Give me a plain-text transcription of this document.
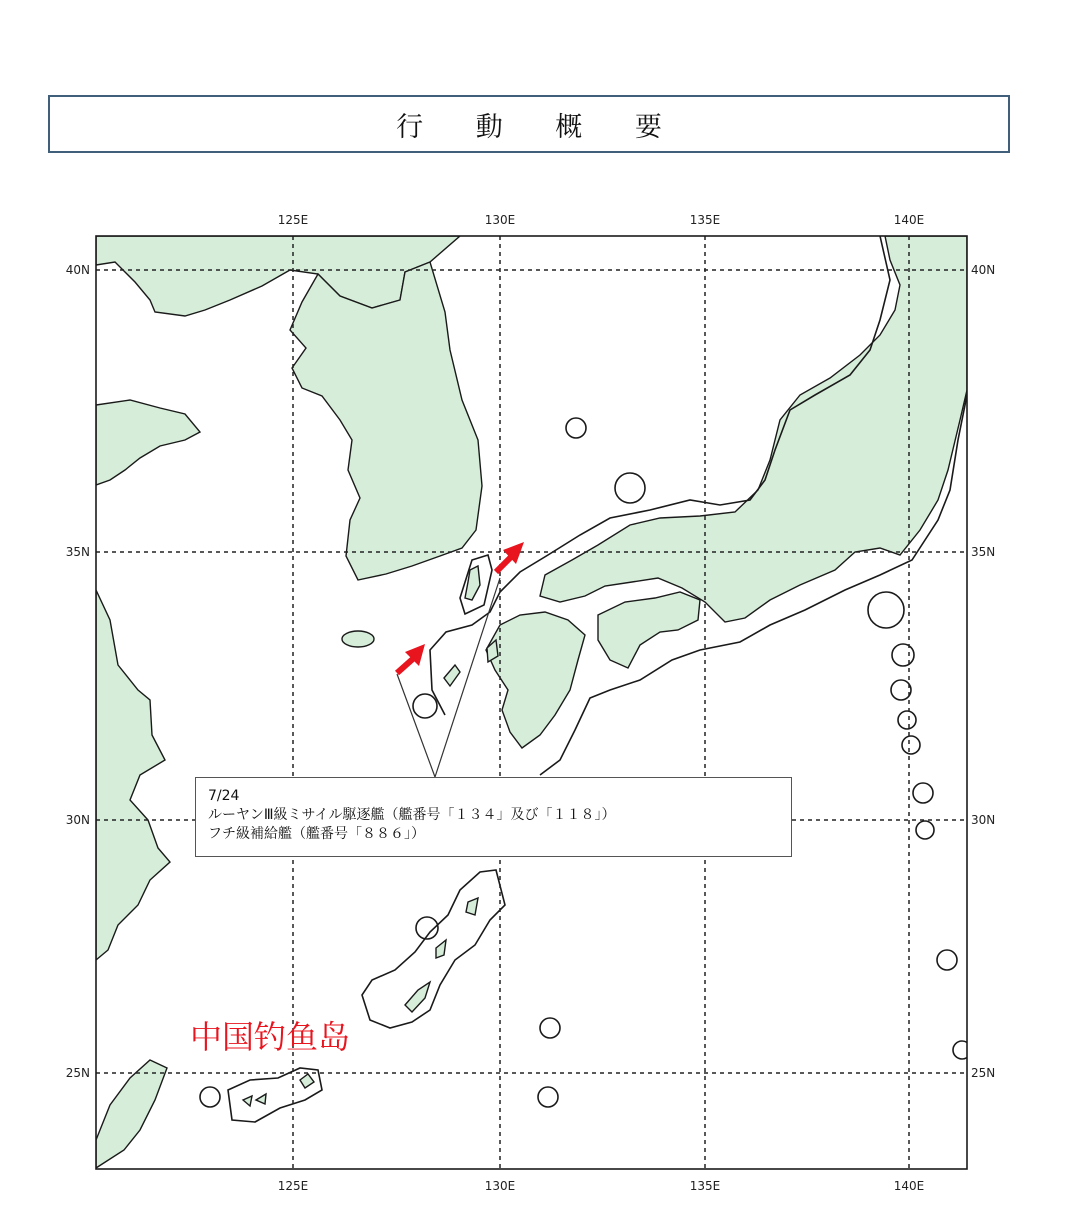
行 動 概 要
125E	130E	135E	140E
125E	130E	135E	140E
40N
35N
30N
25N
40N
35N
30N
25N
7/24
ルーヤンⅢ級ミサイル駆逐艦（艦番号「１３４」及び「１１８」）
フチ級補給艦（艦番号「８８６」）
中国钓鱼岛
